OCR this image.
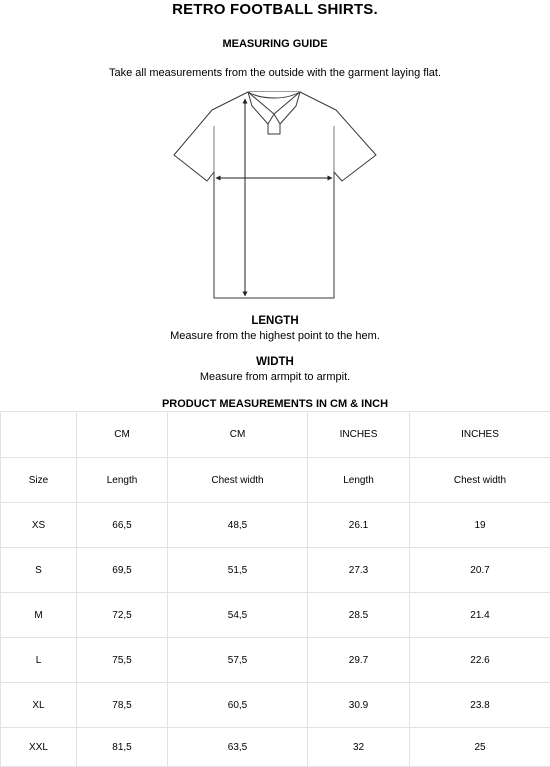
RETRO FOOTBALL SHIRTS.
MEASURING GUIDE
Take all measurements from the outside with the garment laying flat.
LENGTH
Measure from the highest point to the hem.
WIDTH
Measure from armpit to armpit.
PRODUCT MEASUREMENTS IN CM & INCH
	CM	CM	INCHES	INCHES
Size	Length	Chest width	Length	Chest width
XS	66,5	48,5	26.1	19
S	69,5	51,5	27.3	20.7
M	72,5	54,5	28.5	21.4
L	75,5	57,5	29.7	22.6
XL	78,5	60,5	30.9	23.8
XXL	81,5	63,5	32	25
